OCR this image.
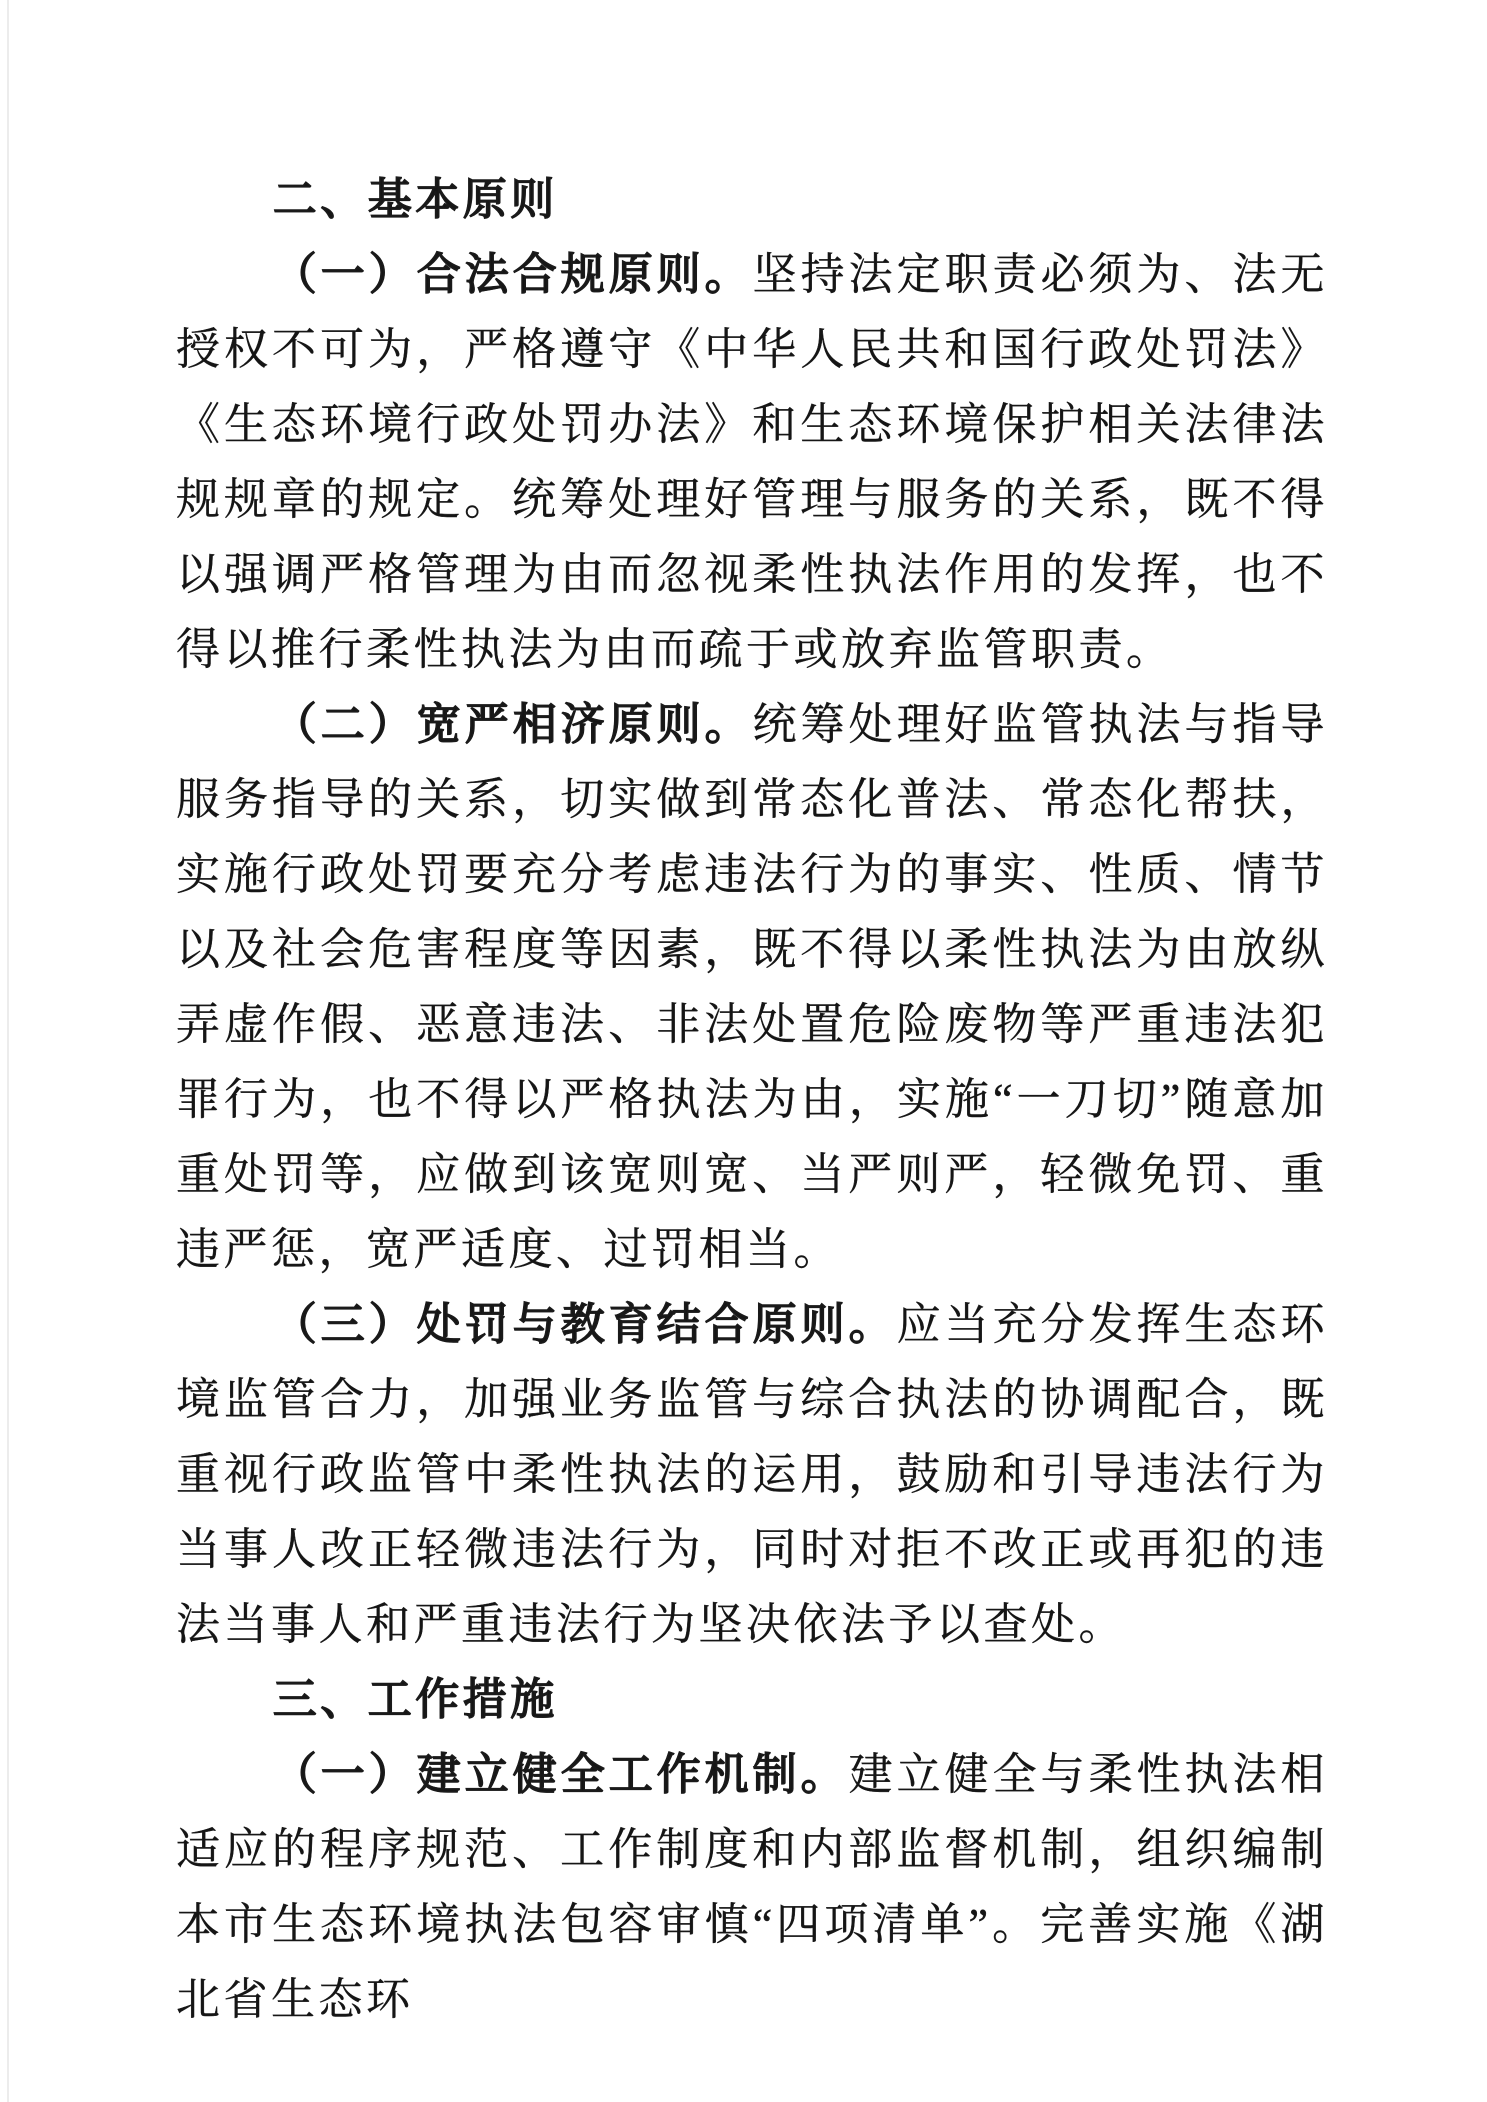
二、基本原则

（一）合法合规原则。坚持法定职责必须为、法无授权不可为，严格遵守《中华人民共和国行政处罚法》《生态环境行政处罚办法》和生态环境保护相关法律法规规章的规定。统筹处理好管理与服务的关系，既不得以强调严格管理为由而忽视柔性执法作用的发挥，也不得以推行柔性执法为由而疏于或放弃监管职责。

（二）宽严相济原则。统筹处理好监管执法与指导服务指导的关系，切实做到常态化普法、常态化帮扶，实施行政处罚要充分考虑违法行为的事实、性质、情节以及社会危害程度等因素，既不得以柔性执法为由放纵弄虚作假、恶意违法、非法处置危险废物等严重违法犯罪行为，也不得以严格执法为由，实施“一刀切”随意加重处罚等，应做到该宽则宽、当严则严，轻微免罚、重违严惩，宽严适度、过罚相当。

（三）处罚与教育结合原则。应当充分发挥生态环境监管合力，加强业务监管与综合执法的协调配合，既重视行政监管中柔性执法的运用，鼓励和引导违法行为当事人改正轻微违法行为，同时对拒不改正或再犯的违法当事人和严重违法行为坚决依法予以查处。

三、工作措施

（一）建立健全工作机制。建立健全与柔性执法相适应的程序规范、工作制度和内部监督机制，组织编制本市生态环境执法包容审慎“四项清单”。完善实施《湖北省生态环
